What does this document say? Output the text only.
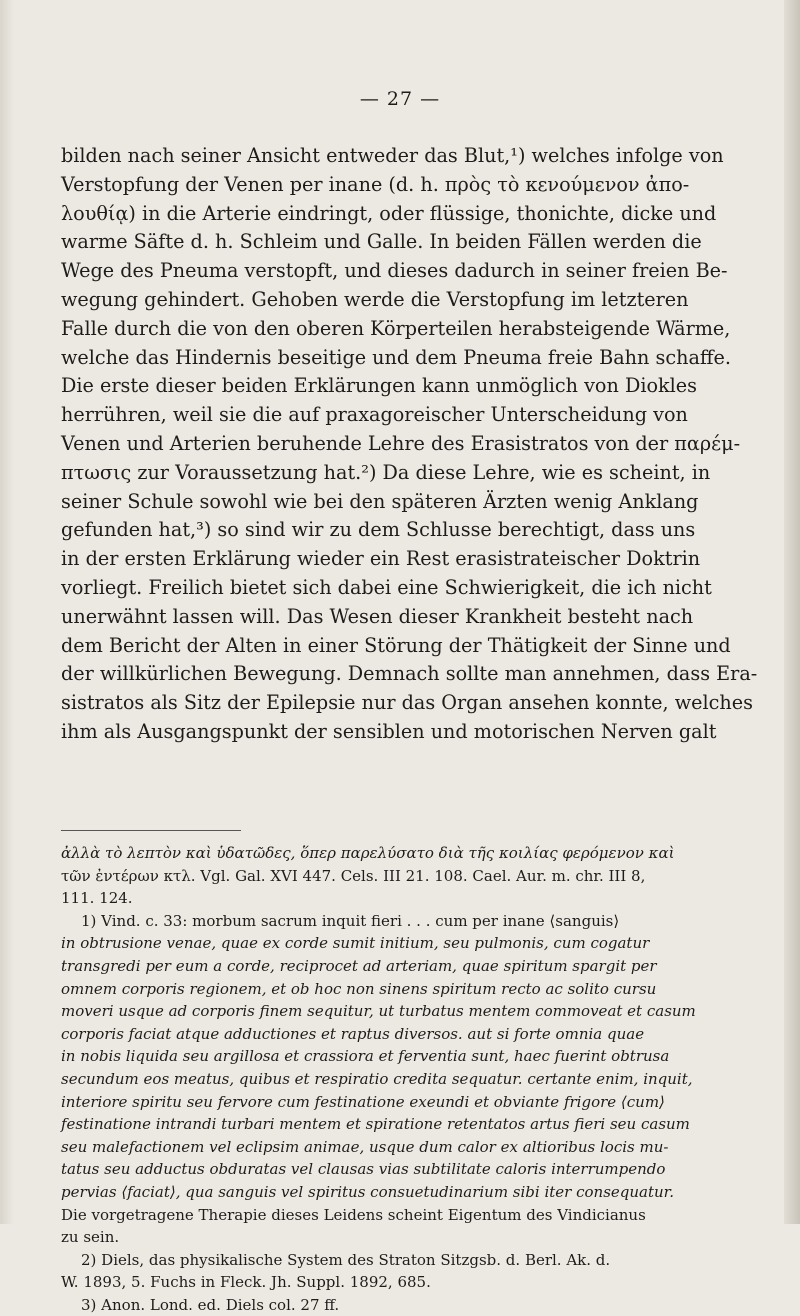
— 27 —

bilden nach seiner Ansicht entweder das Blut,¹) welches infolge von

Verstopfung der Venen per inane (d. h. πρὸς τὸ κενούμενον ἀπο-

λουθίᾳ) in die Arterie eindringt, oder flüssige, thonichte, dicke und

warme Säfte d. h. Schleim und Galle. In beiden Fällen werden die

Wege des Pneuma verstopft, und dieses dadurch in seiner freien Be-

wegung gehindert. Gehoben werde die Verstopfung im letzteren

Falle durch die von den oberen Körperteilen herabsteigende Wärme,

welche das Hindernis beseitige und dem Pneuma freie Bahn schaffe.

Die erste dieser beiden Erklärungen kann unmöglich von Diokles

herrühren, weil sie die auf praxagoreischer Unterscheidung von

Venen und Arterien beruhende Lehre des Erasistratos von der παρέμ-

πτωσις zur Voraussetzung hat.²) Da diese Lehre, wie es scheint, in

seiner Schule sowohl wie bei den späteren Ärzten wenig Anklang

gefunden hat,³) so sind wir zu dem Schlusse berechtigt, dass uns

in der ersten Erklärung wieder ein Rest erasistrateischer Doktrin

vorliegt. Freilich bietet sich dabei eine Schwierigkeit, die ich nicht

unerwähnt lassen will. Das Wesen dieser Krankheit besteht nach

dem Bericht der Alten in einer Störung der Thätigkeit der Sinne und

der willkürlichen Bewegung. Demnach sollte man annehmen, dass Era-

sistratos als Sitz der Epilepsie nur das Organ ansehen konnte, welches

ihm als Ausgangspunkt der sensiblen und motorischen Nerven galt

ἀλλὰ τὸ λεπτὸν καὶ ὑδατῶδες, ὅπερ παρελύσατο διὰ τῆς κοιλίας φερόμενον καὶ

τῶν ἐντέρων κτλ. Vgl. Gal. XVI 447. Cels. III 21. 108. Cael. Aur. m. chr. III 8,

111. 124.

1) Vind. c. 33: morbum sacrum inquit fieri . . . cum per inane ⟨sanguis⟩

in obtrusione venae, quae ex corde sumit initium, seu pulmonis, cum cogatur

transgredi per eum a corde, reciprocet ad arteriam, quae spiritum spargit per

omnem corporis regionem, et ob hoc non sinens spiritum recto ac solito cursu

moveri usque ad corporis finem sequitur, ut turbatus mentem commoveat et casum

corporis faciat atque adductiones et raptus diversos. aut si forte omnia quae

in nobis liquida seu argillosa et crassiora et ferventia sunt, haec fuerint obtrusa

secundum eos meatus, quibus et respiratio credita sequatur. certante enim, inquit,

interiore spiritu seu fervore cum festinatione exeundi et obviante frigore ⟨cum⟩

festinatione intrandi turbari mentem et spiratione retentatos artus fieri seu casum

seu malefactionem vel eclipsim animae, usque dum calor ex altioribus locis mu-

tatus seu adductus obduratas vel clausas vias subtilitate caloris interrumpendo

pervias ⟨faciat⟩, qua sanguis vel spiritus consuetudinarium sibi iter consequatur.

Die vorgetragene Therapie dieses Leidens scheint Eigentum des Vindicianus

zu sein.

2) Diels, das physikalische System des Straton Sitzgsb. d. Berl. Ak. d.

W. 1893, 5. Fuchs in Fleck. Jh. Suppl. 1892, 685.

3) Anon. Lond. ed. Diels col. 27 ff.
